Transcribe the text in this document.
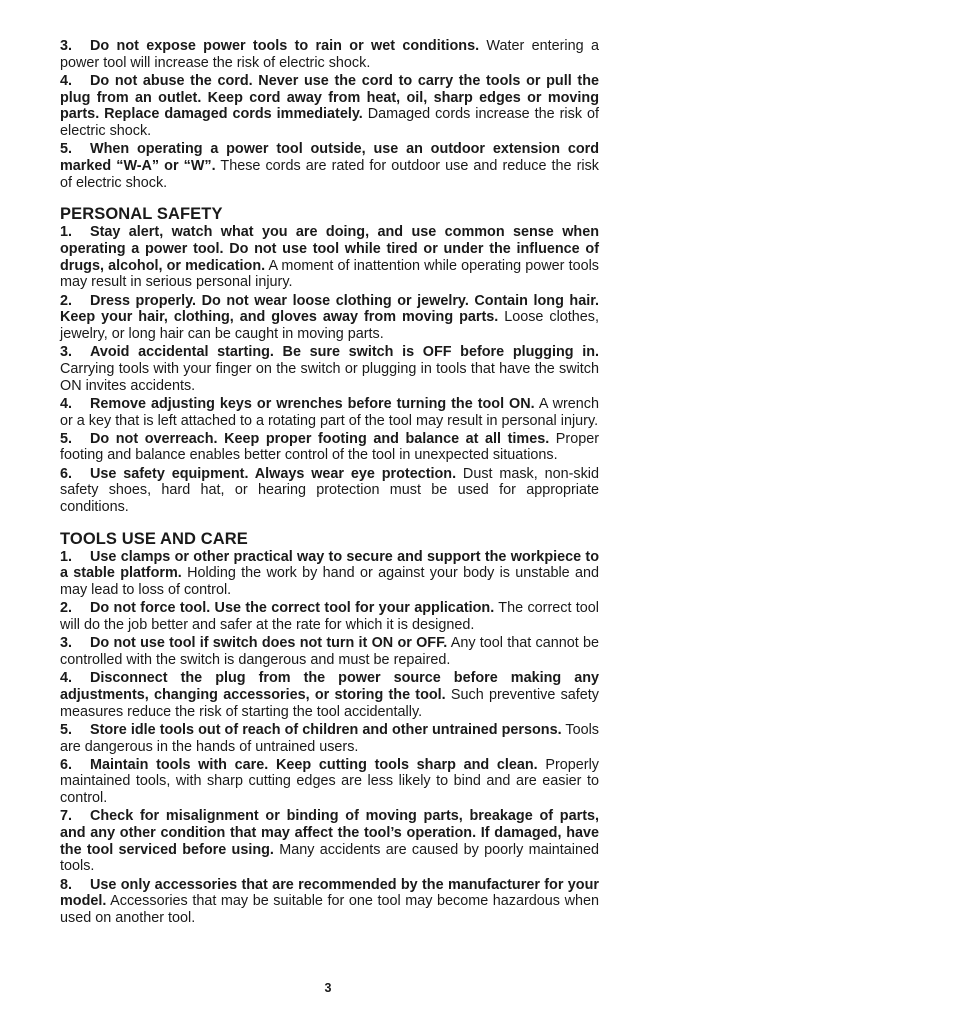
3. Do not expose power tools to rain or wet conditions. Water entering a power tool will increase the risk of electric shock.

4. Do not abuse the cord. Never use the cord to carry the tools or pull the plug from an outlet. Keep cord away from heat, oil, sharp edges or moving parts. Replace damaged cords immediately. Damaged cords increase the risk of electric shock.

5. When operating a power tool outside, use an outdoor extension cord marked “W-A” or “W”. These cords are rated for outdoor use and reduce the risk of electric shock.

PERSONAL SAFETY

1. Stay alert, watch what you are doing, and use common sense when operating a power tool. Do not use tool while tired or under the influence of drugs, alcohol, or medication. A moment of inattention while operating power tools may result in serious personal injury.

2. Dress properly. Do not wear loose clothing or jewelry. Contain long hair. Keep your hair, clothing, and gloves away from moving parts. Loose clothes, jewelry, or long hair can be caught in moving parts.

3. Avoid accidental starting. Be sure switch is OFF before plugging in. Carrying tools with your finger on the switch or plugging in tools that have the switch ON invites accidents.

4. Remove adjusting keys or wrenches before turning the tool ON. A wrench or a key that is left attached to a rotating part of the tool may result in personal injury.

5. Do not overreach. Keep proper footing and balance at all times. Proper footing and balance enables better control of the tool in unexpected situations.

6. Use safety equipment. Always wear eye protection. Dust mask, non-skid safety shoes, hard hat, or hearing protection must be used for appropriate conditions.

TOOLS USE AND CARE

1. Use clamps or other practical way to secure and support the workpiece to a stable platform. Holding the work by hand or against your body is unstable and may lead to loss of control.

2. Do not force tool. Use the correct tool for your application. The correct tool will do the job better and safer at the rate for which it is designed.

3. Do not use tool if switch does not turn it ON or OFF. Any tool that cannot be controlled with the switch is dangerous and must be repaired.

4. Disconnect the plug from the power source before making any adjustments, changing accessories, or storing the tool. Such preventive safety measures reduce the risk of starting the tool accidentally.

5. Store idle tools out of reach of children and other untrained persons. Tools are dangerous in the hands of untrained users.

6. Maintain tools with care. Keep cutting tools sharp and clean. Properly maintained tools, with sharp cutting edges are less likely to bind and are easier to control.

7. Check for misalignment or binding of moving parts, breakage of parts, and any other condition that may affect the tool’s operation. If damaged, have the tool serviced before using. Many accidents are caused by poorly maintained tools.

8. Use only accessories that are recommended by the manufacturer for your model. Accessories that may be suitable for one tool may become hazardous when used on another tool.

3
